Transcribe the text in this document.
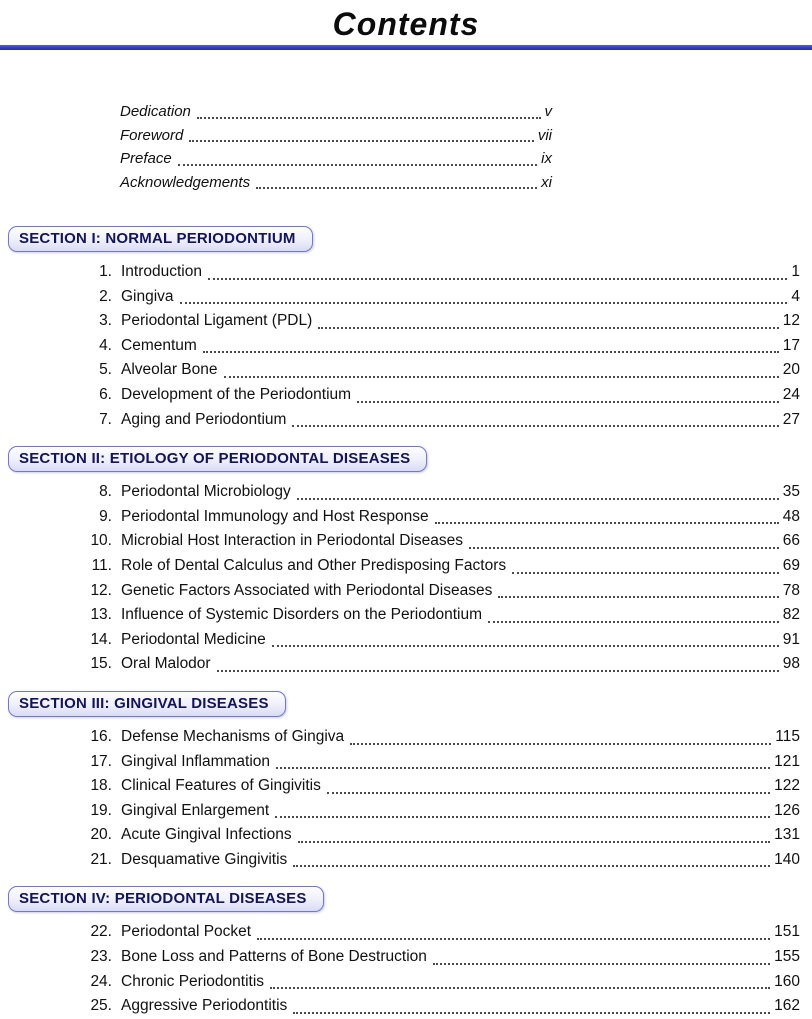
Contents
Dedication	v
Foreword	vii
Preface	ix
Acknowledgements	xi
SECTION I: NORMAL PERIODONTIUM
1. Introduction	1
2. Gingiva	4
3. Periodontal Ligament (PDL)	12
4. Cementum	17
5. Alveolar Bone	20
6. Development of the Periodontium	24
7. Aging and Periodontium	27
SECTION II: ETIOLOGY OF PERIODONTAL DISEASES
8. Periodontal Microbiology	35
9. Periodontal Immunology and Host Response	48
10. Microbial Host Interaction in Periodontal Diseases	66
11. Role of Dental Calculus and Other Predisposing Factors	69
12. Genetic Factors Associated with Periodontal Diseases	78
13. Influence of Systemic Disorders on the Periodontium	82
14. Periodontal Medicine	91
15. Oral Malodor	98
SECTION III: GINGIVAL DISEASES
16. Defense Mechanisms of Gingiva	115
17. Gingival Inflammation	121
18. Clinical Features of Gingivitis	122
19. Gingival Enlargement	126
20. Acute Gingival Infections	131
21. Desquamative Gingivitis	140
SECTION IV: PERIODONTAL DISEASES
22. Periodontal Pocket	151
23. Bone Loss and Patterns of Bone Destruction	155
24. Chronic Periodontitis	160
25. Aggressive Periodontitis	162
